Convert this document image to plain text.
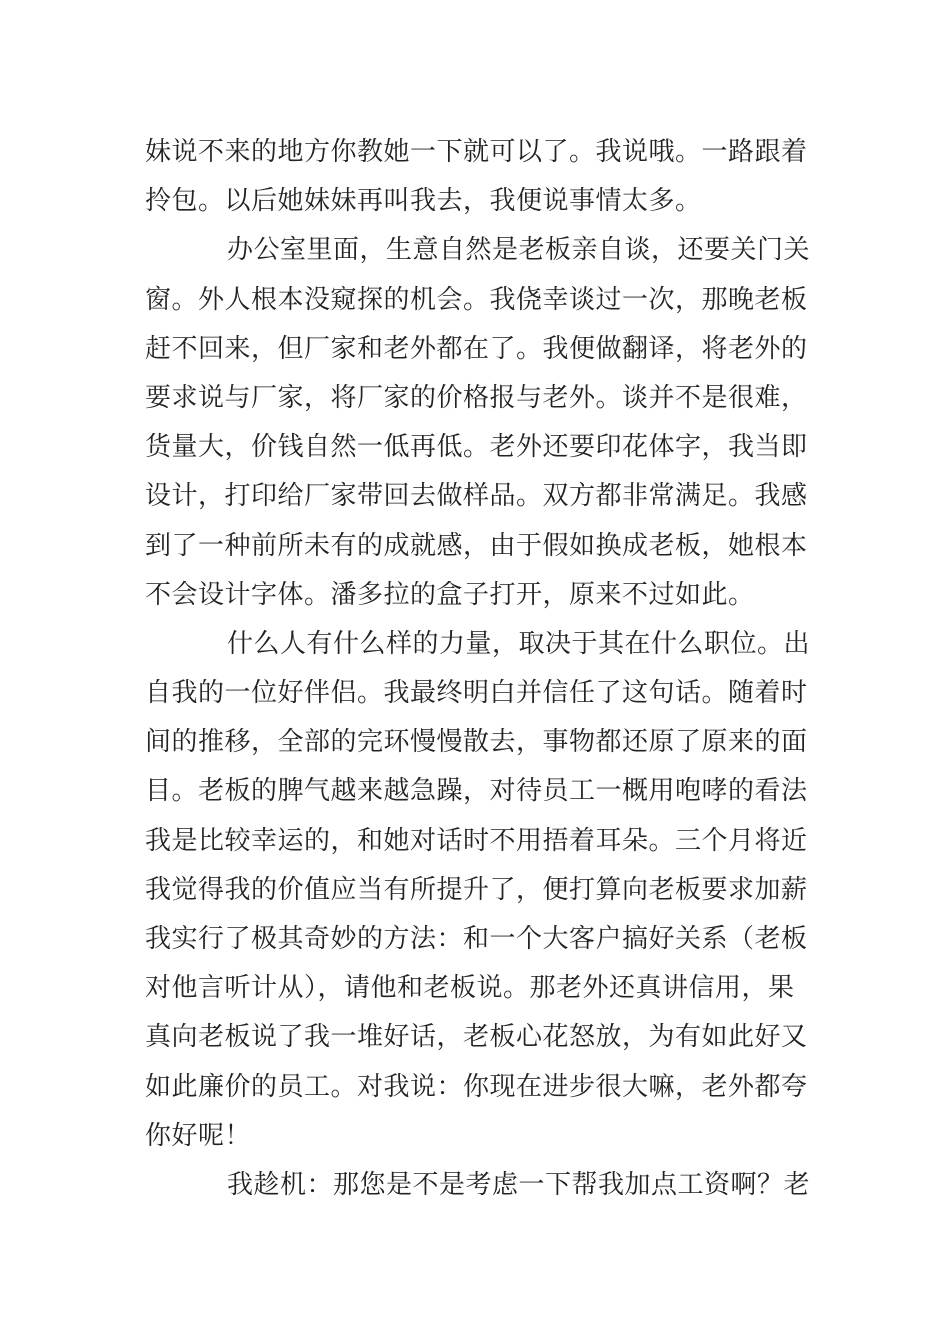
妹说不来的地方你教她一下就可以了。我说哦。一路跟着
拎包。以后她妹妹再叫我去，我便说事情太多。
办公室里面，生意自然是老板亲自谈，还要关门关
窗。外人根本没窥探的机会。我侥幸谈过一次，那晚老板
赶不回来，但厂家和老外都在了。我便做翻译，将老外的
要求说与厂家，将厂家的价格报与老外。谈并不是很难，
货量大，价钱自然一低再低。老外还要印花体字，我当即
设计，打印给厂家带回去做样品。双方都非常满足。我感
到了一种前所未有的成就感，由于假如换成老板，她根本
不会设计字体。潘多拉的盒子打开，原来不过如此。
什么人有什么样的力量，取决于其在什么职位。出
自我的一位好伴侣。我最终明白并信任了这句话。随着时
间的推移，全部的完环慢慢散去，事物都还原了原来的面
目。老板的脾气越来越急躁，对待员工一概用咆哮的看法
我是比较幸运的，和她对话时不用捂着耳朵。三个月将近
我觉得我的价值应当有所提升了，便打算向老板要求加薪
我实行了极其奇妙的方法：和一个大客户搞好关系（老板
对他言听计从），请他和老板说。那老外还真讲信用，果
真向老板说了我一堆好话，老板心花怒放，为有如此好又
如此廉价的员工。对我说：你现在进步很大嘛，老外都夸
你好呢！
我趁机：那您是不是考虑一下帮我加点工资啊？老
